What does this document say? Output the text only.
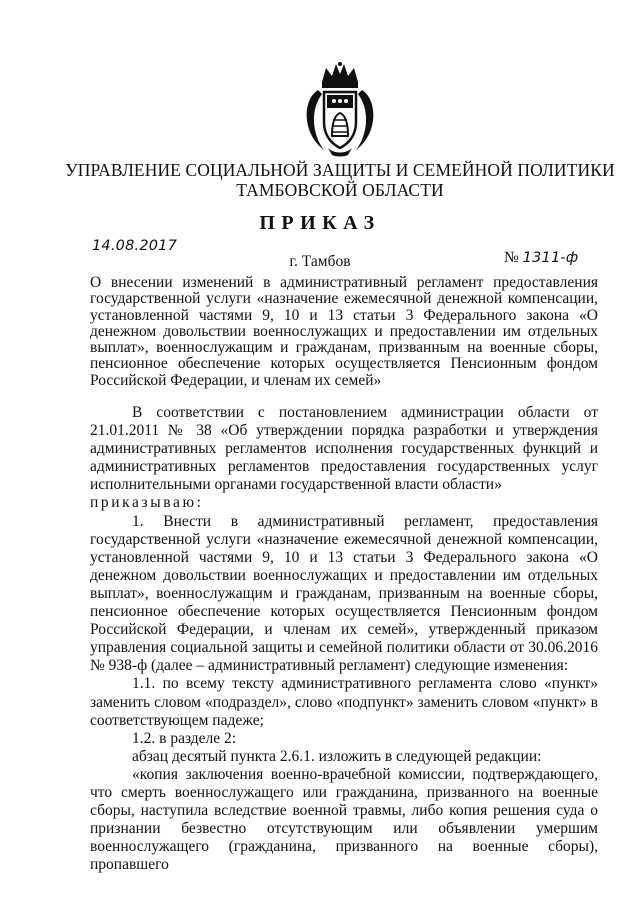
УПРАВЛЕНИЕ СОЦИАЛЬНОЙ ЗАЩИТЫ И СЕМЕЙНОЙ ПОЛИТИКИ
ТАМБОВСКОЙ ОБЛАСТИ
ПРИКАЗ
14.08.2017
г. Тамбов	№ 1311-ф
О внесении изменений в административный регламент предоставления государственной услуги «назначение ежемесячной денежной компенсации, установленной частями 9, 10 и 13 статьи 3 Федерального закона «О денежном довольствии военнослужащих и предоставлении им отдельных выплат», военнослужащим и гражданам, призванным на военные сборы, пенсионное обеспечение которых осуществляется Пенсионным фондом Российской Федерации, и членам их семей»

В соответствии с постановлением администрации области от 21.01.2011 № 38 «Об утверждении порядка разработки и утверждения административных регламентов исполнения государственных функций и административных регламентов предоставления государственных услуг исполнительными органами государственной власти области»

приказываю:

1. Внести в административный регламент, предоставления государственной услуги «назначение ежемесячной денежной компенсации, установленной частями 9, 10 и 13 статьи 3 Федерального закона «О денежном довольствии военнослужащих и предоставлении им отдельных выплат», военнослужащим и гражданам, призванным на военные сборы, пенсионное обеспечение которых осуществляется Пенсионным фондом Российской Федерации, и членам их семей», утвержденный приказом управления социальной защиты и семейной политики области от 30.06.2016 № 938-ф (далее – административный регламент) следующие изменения:

1.1. по всему тексту административного регламента слово «пункт» заменить словом «подраздел», слово «подпункт» заменить словом «пункт» в соответствующем падеже;

1.2. в разделе 2:

абзац десятый пункта 2.6.1. изложить в следующей редакции:

«копия заключения военно-врачебной комиссии, подтверждающего, что смерть военнослужащего или гражданина, призванного на военные сборы, наступила вследствие военной травмы, либо копия решения суда о признании безвестно отсутствующим или объявлении умершим военнослужащего (гражданина, призванного на военные сборы), пропавшего
